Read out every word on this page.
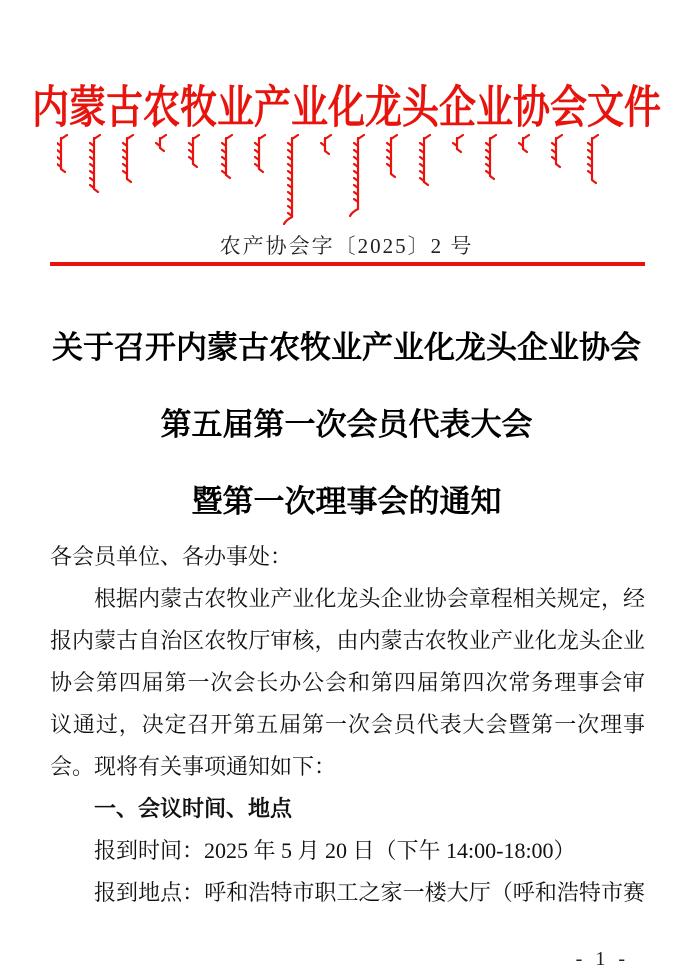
内蒙古农牧业产业化龙头企业协会文件
农产协会字〔2025〕2 号
关于召开内蒙古农牧业产业化龙头企业协会
第五届第一次会员代表大会
暨第一次理事会的通知
各会员单位、各办事处：
根据内蒙古农牧业产业化龙头企业协会章程相关规定，经
报内蒙古自治区农牧厅审核，由内蒙古农牧业产业化龙头企业
协会第四届第一次会长办公会和第四届第四次常务理事会审
议通过，决定召开第五届第一次会员代表大会暨第一次理事
会。现将有关事项通知如下：
一、会议时间、地点
报到时间：2025 年 5 月 20 日（下午 14:00-18:00）
报到地点：呼和浩特市职工之家一楼大厅（呼和浩特市赛
- 1 -
